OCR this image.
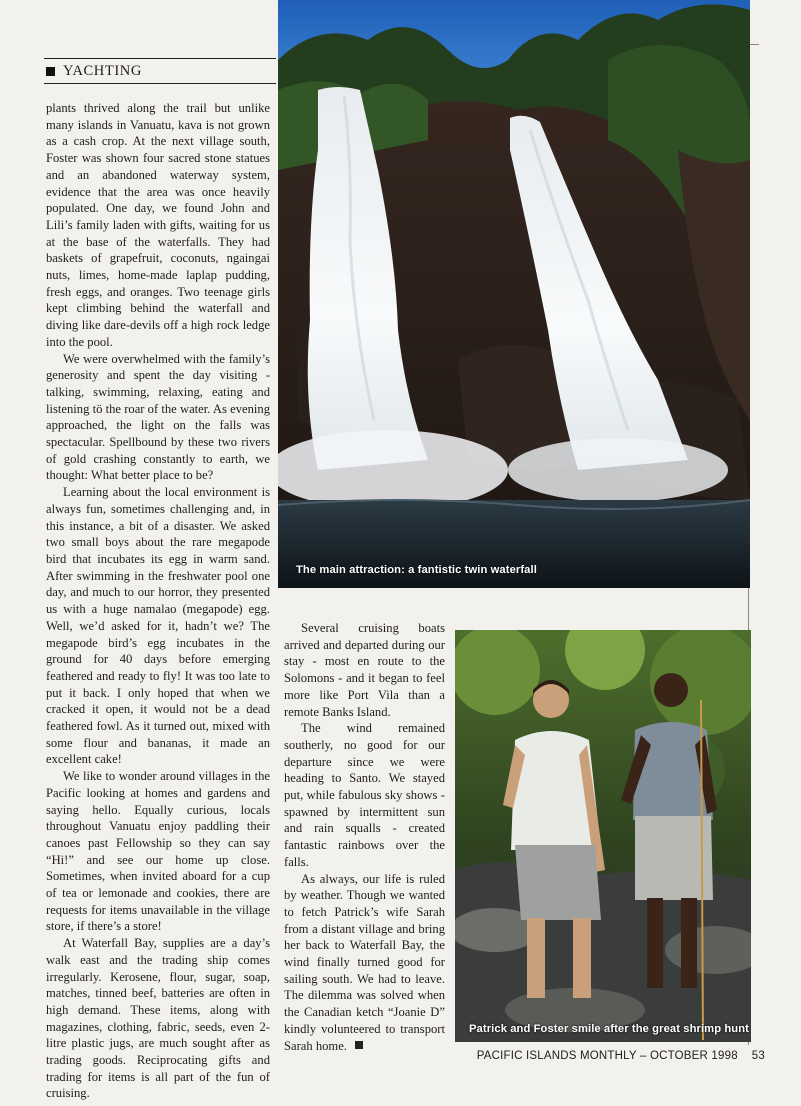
YACHTING

plants thrived along the trail but unlike many islands in Vanuatu, kava is not grown as a cash crop. At the next village south, Foster was shown four sacred stone statues and an abandoned waterway system, evidence that the area was once heavily populated. One day, we found John and Lili’s family laden with gifts, waiting for us at the base of the waterfalls. They had baskets of grapefruit, coconuts, ngaingai nuts, limes, home-made laplap pudding, fresh eggs, and oranges. Two teenage girls kept climbing behind the waterfall and diving like dare-devils off a high rock ledge into the pool.

We were overwhelmed with the family’s generosity and spent the day visiting - talking, swimming, relaxing, eating and listening tö the roar of the water. As evening approached, the light on the falls was spectacular. Spellbound by these two rivers of gold crashing constantly to earth, we thought: What better place to be?

Learning about the local environment is always fun, sometimes challenging and, in this instance, a bit of a disaster. We asked two small boys about the rare megapode bird that incubates its egg in warm sand. After swimming in the freshwater pool one day, and much to our horror, they presented us with a huge namalao (megapode) egg. Well, we’d asked for it, hadn’t we? The megapode bird’s egg incubates in the ground for 40 days before emerging feathered and ready to fly! It was too late to put it back. I only hoped that when we cracked it open, it would not be a dead feathered fowl. As it turned out, mixed with some flour and bananas, it made an excellent cake!

We like to wonder around villages in the Pacific looking at homes and gardens and saying hello. Equally curious, locals throughout Vanuatu enjoy paddling their canoes past Fellowship so they can say “Hi!” and see our home up close. Sometimes, when invited aboard for a cup of tea or lemonade and cookies, there are requests for items unavailable in the village store, if there’s a store!

At Waterfall Bay, supplies are a day’s walk east and the trading ship comes irregularly. Kerosene, flour, sugar, soap, matches, tinned beef, batteries are often in high demand. These items, along with magazines, clothing, fabric, seeds, even 2-litre plastic jugs, are much sought after as trading goods. Reciprocating gifts and trading for items is all part of the fun of cruising.

Several cruising boats arrived and departed during our stay - most en route to the Solomons - and it began to feel more like Port Vila than a remote Banks Island.

The wind remained southerly, no good for our departure since we were heading to Santo. We stayed put, while fabulous sky shows - spawned by intermittent sun and rain squalls - created fantastic rainbows over the falls.

As always, our life is ruled by weather. Though we wanted to fetch Patrick’s wife Sarah from a distant village and bring her back to Waterfall Bay, the wind finally turned good for sailing south. We had to leave. The dilemma was solved when the Canadian ketch “Joanie D” kindly volunteered to transport Sarah home.

The main attraction: a fantistic twin waterfall
Patrick and Foster smile after the great shrimp hunt
PACIFIC ISLANDS MONTHLY – OCTOBER 1998 53
